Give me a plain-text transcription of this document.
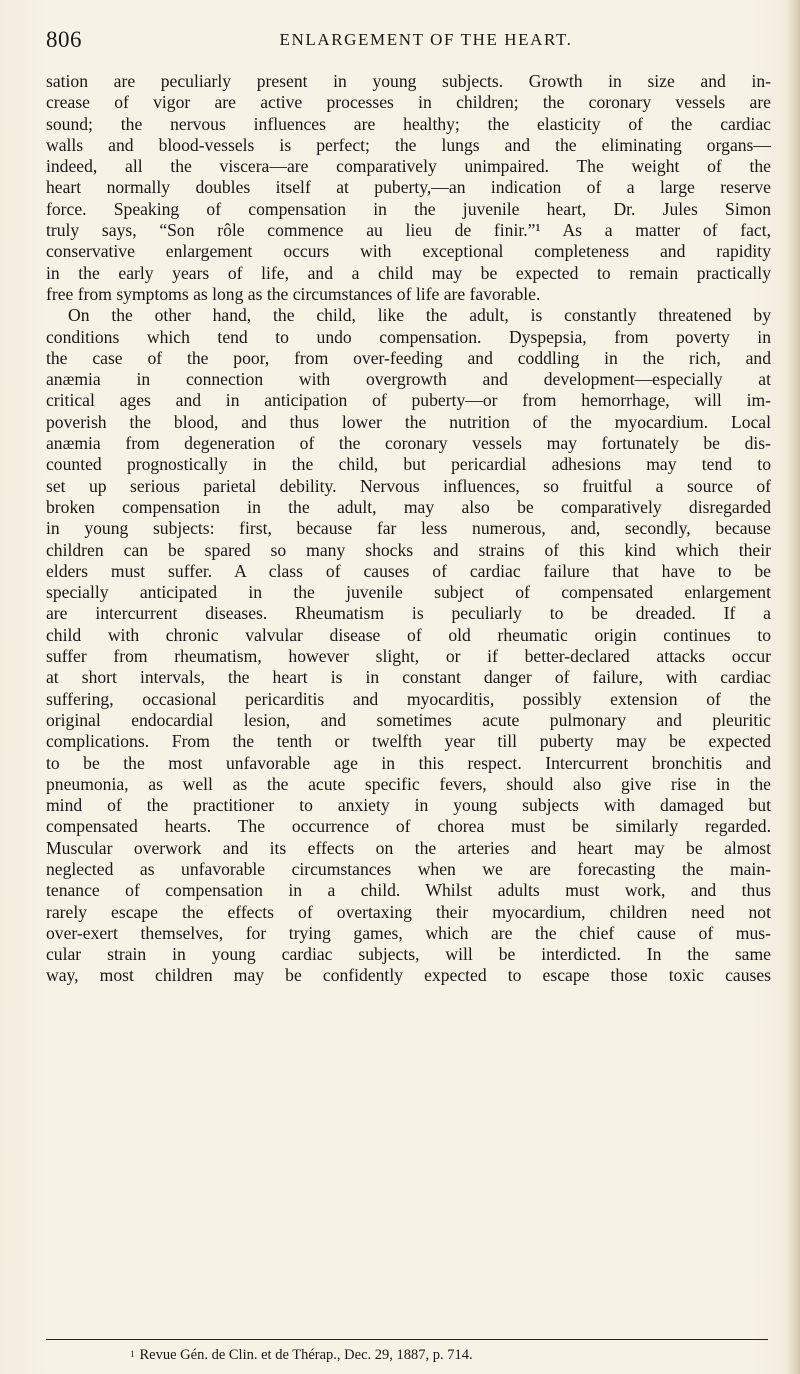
806	ENLARGEMENT OF THE HEART.
sation are peculiarly present in young subjects. Growth in size and in-
crease of vigor are active processes in children; the coronary vessels are
sound; the nervous influences are healthy; the elasticity of the cardiac
walls and blood-vessels is perfect; the lungs and the eliminating organs—
indeed, all the viscera—are comparatively unimpaired. The weight of the
heart normally doubles itself at puberty,—an indication of a large reserve
force. Speaking of compensation in the juvenile heart, Dr. Jules Simon
truly says, “Son rôle commence au lieu de finir.”¹ As a matter of fact,
conservative enlargement occurs with exceptional completeness and rapidity
in the early years of life, and a child may be expected to remain practically
free from symptoms as long as the circumstances of life are favorable.
On the other hand, the child, like the adult, is constantly threatened by
conditions which tend to undo compensation. Dyspepsia, from poverty in
the case of the poor, from over-feeding and coddling in the rich, and
anæmia in connection with overgrowth and development—especially at
critical ages and in anticipation of puberty—or from hemorrhage, will im-
poverish the blood, and thus lower the nutrition of the myocardium. Local
anæmia from degeneration of the coronary vessels may fortunately be dis-
counted prognostically in the child, but pericardial adhesions may tend to
set up serious parietal debility. Nervous influences, so fruitful a source of
broken compensation in the adult, may also be comparatively disregarded
in young subjects: first, because far less numerous, and, secondly, because
children can be spared so many shocks and strains of this kind which their
elders must suffer. A class of causes of cardiac failure that have to be
specially anticipated in the juvenile subject of compensated enlargement
are intercurrent diseases. Rheumatism is peculiarly to be dreaded. If a
child with chronic valvular disease of old rheumatic origin continues to
suffer from rheumatism, however slight, or if better-declared attacks occur
at short intervals, the heart is in constant danger of failure, with cardiac
suffering, occasional pericarditis and myocarditis, possibly extension of the
original endocardial lesion, and sometimes acute pulmonary and pleuritic
complications. From the tenth or twelfth year till puberty may be expected
to be the most unfavorable age in this respect. Intercurrent bronchitis and
pneumonia, as well as the acute specific fevers, should also give rise in the
mind of the practitioner to anxiety in young subjects with damaged but
compensated hearts. The occurrence of chorea must be similarly regarded.
Muscular overwork and its effects on the arteries and heart may be almost
neglected as unfavorable circumstances when we are forecasting the main-
tenance of compensation in a child. Whilst adults must work, and thus
rarely escape the effects of overtaxing their myocardium, children need not
over-exert themselves, for trying games, which are the chief cause of mus-
cular strain in young cardiac subjects, will be interdicted. In the same
way, most children may be confidently expected to escape those toxic causes
$^1$ Revue Gén. de Clin. et de Thérap., Dec. 29, 1887, p. 714.
